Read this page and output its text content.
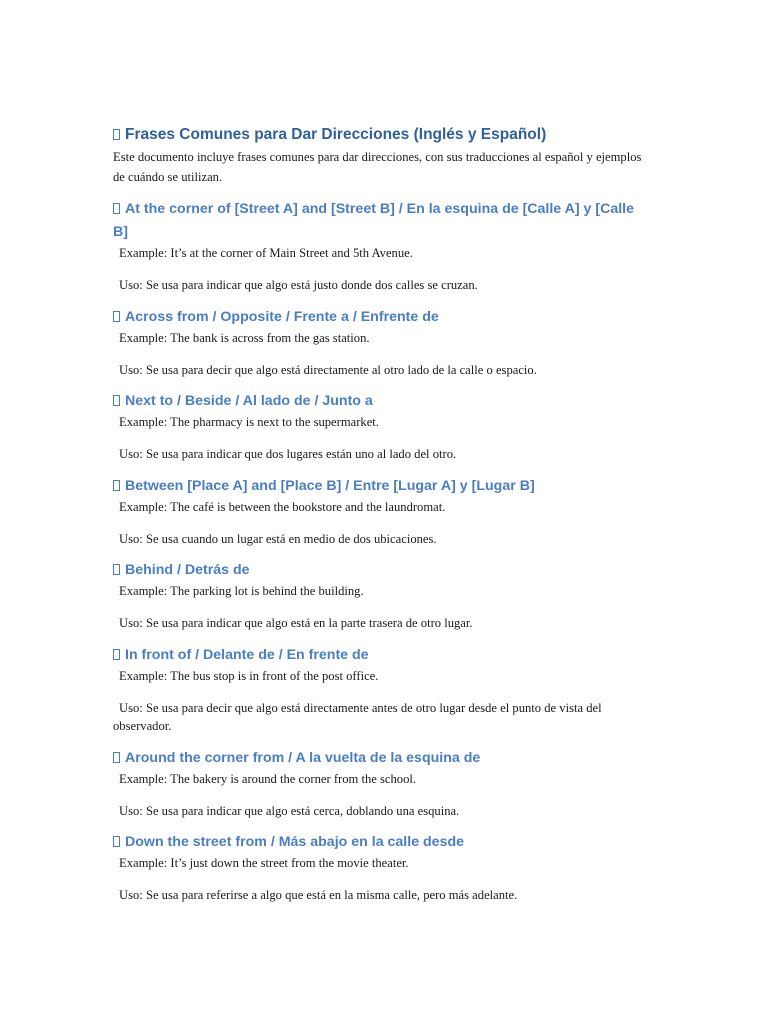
Frases Comunes para Dar Direcciones (Inglés y Español)

Este documento incluye frases comunes para dar direcciones, con sus traducciones al español y ejemplos de cuándo se utilizan.

At the corner of [Street A] and [Street B] / En la esquina de [Calle A] y [Calle B]

Example: It’s at the corner of Main Street and 5th Avenue.

Uso: Se usa para indicar que algo está justo donde dos calles se cruzan.

Across from / Opposite / Frente a / Enfrente de

Example: The bank is across from the gas station.

Uso: Se usa para decir que algo está directamente al otro lado de la calle o espacio.

Next to / Beside / Al lado de / Junto a

Example: The pharmacy is next to the supermarket.

Uso: Se usa para indicar que dos lugares están uno al lado del otro.

Between [Place A] and [Place B] / Entre [Lugar A] y [Lugar B]

Example: The café is between the bookstore and the laundromat.

Uso: Se usa cuando un lugar está en medio de dos ubicaciones.

Behind / Detrás de

Example: The parking lot is behind the building.

Uso: Se usa para indicar que algo está en la parte trasera de otro lugar.

In front of / Delante de / En frente de

Example: The bus stop is in front of the post office.

Uso: Se usa para decir que algo está directamente antes de otro lugar desde el punto de vista del observador.

Around the corner from / A la vuelta de la esquina de

Example: The bakery is around the corner from the school.

Uso: Se usa para indicar que algo está cerca, doblando una esquina.

Down the street from / Más abajo en la calle desde

Example: It’s just down the street from the movie theater.

Uso: Se usa para referirse a algo que está en la misma calle, pero más adelante.
